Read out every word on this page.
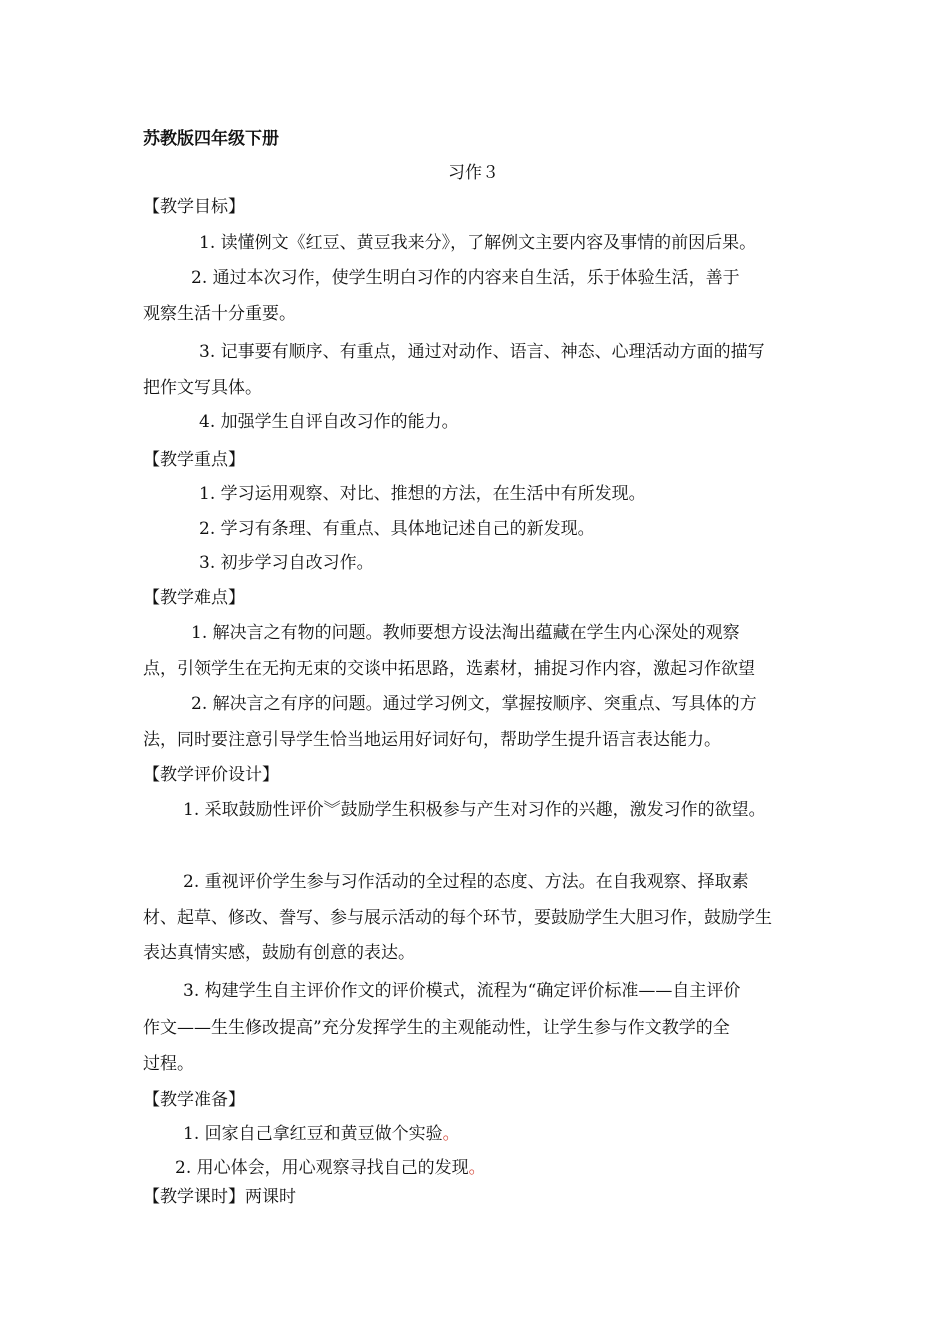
苏教版四年级下册
习作３
【教学目标】
1. 读懂例文《红豆、黄豆我来分》，了解例文主要内容及事情的前因后果。
2. 通过本次习作，使学生明白习作的内容来自生活，乐于体验生活，善于
观察生活十分重要。
3. 记事要有顺序、有重点，通过对动作、语言、神态、心理活动方面的描写
把作文写具体。
4. 加强学生自评自改习作的能力。
【教学重点】
1. 学习运用观察、对比、推想的方法，在生活中有所发现。
2. 学习有条理、有重点、具体地记述自己的新发现。
3. 初步学习自改习作。
【教学难点】
1. 解决言之有物的问题。教师要想方设法淘出蕴藏在学生内心深处的观察
点，引领学生在无拘无束的交谈中拓思路，选素材，捕捉习作内容，激起习作欲望
2. 解决言之有序的问题。通过学习例文，掌握按顺序、突重点、写具体的方
法，同时要注意引导学生恰当地运用好词好句，帮助学生提升语言表达能力。
【教学评价设计】
1. 采取鼓励性评价︾鼓励学生积极参与产生对习作的兴趣，激发习作的欲望。
2. 重视评价学生参与习作活动的全过程的态度、方法。在自我观察、择取素
材、起草、修改、誊写、参与展示活动的每个环节，要鼓励学生大胆习作，鼓励学生
表达真情实感，鼓励有创意的表达。
3. 构建学生自主评价作文的评价模式，流程为“确定评价标准——自主评价
作文——生生修改提高”充分发挥学生的主观能动性，让学生参与作文教学的全
过程。
【教学准备】
1. 回家自己拿红豆和黄豆做个实验。
2. 用心体会，用心观察寻找自己的发现。
【教学课时】两课时
